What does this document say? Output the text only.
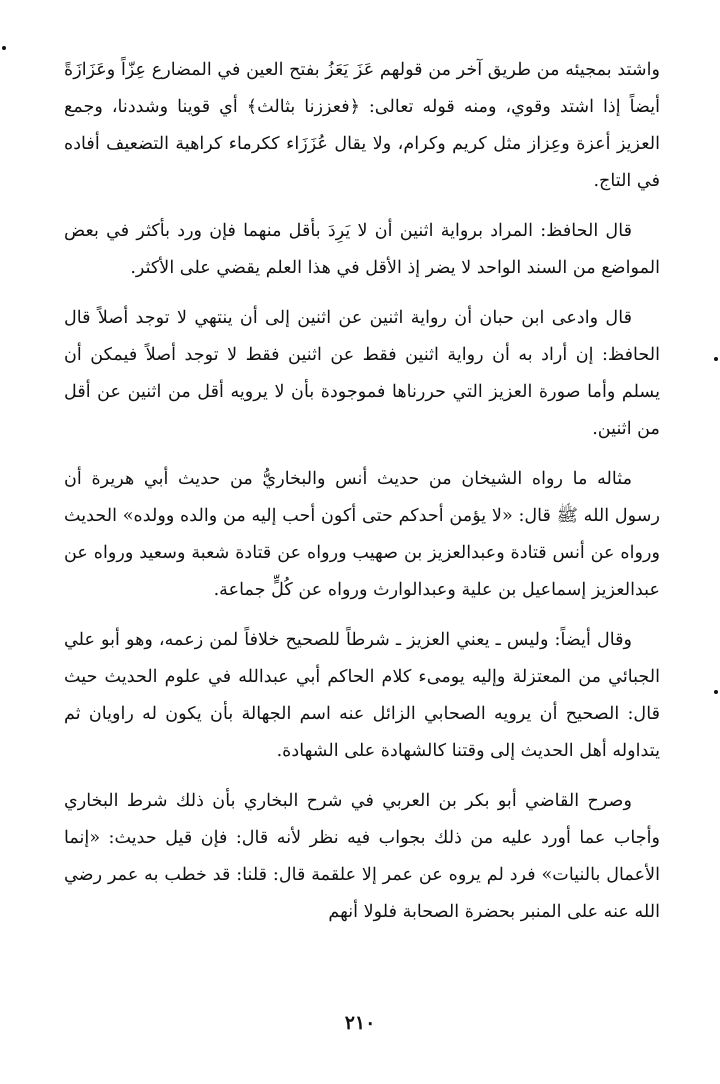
واشتد بمجيئه من طريق آخر من قولهم عَزَ يَعَزُ بفتح العين في المضارع عِزّاً وعَزَازَةً أيضاً إذا اشتد وقوي، ومنه قوله تعالى: ﴿فعززنا بثالث﴾ أي قوينا وشددنا، وجمع العزيز أعزة وعِزاز مثل كريم وكرام، ولا يقال عُزَزَاء ككرماء كراهية التضعيف أفاده في التاج.

قال الحافظ: المراد برواية اثنين أن لا يَرِدَ بأقل منهما فإن ورد بأكثر في بعض المواضع من السند الواحد لا يضر إذ الأقل في هذا العلم يقضي على الأكثر.

قال وادعى ابن حبان أن رواية اثنين عن اثنين إلى أن ينتهي لا توجد أصلاً قال الحافظ: إن أراد به أن رواية اثنين فقط عن اثنين فقط لا توجد أصلاً فيمكن أن يسلم وأما صورة العزيز التي حررناها فموجودة بأن لا يرويه أقل من اثنين عن أقل من اثنين.

مثاله ما رواه الشيخان من حديث أنس والبخاريُّ من حديث أبي هريرة أن رسول الله ﷺ قال: «لا يؤمن أحدكم حتى أكون أحب إليه من والده وولده» الحديث ورواه عن أنس قتادة وعبدالعزيز بن صهيب ورواه عن قتادة شعبة وسعيد ورواه عن عبدالعزيز إسماعيل بن علية وعبدالوارث ورواه عن كُلٍّ جماعة.

وقال أيضاً: وليس ـ يعني العزيز ـ شرطاً للصحيح خلافاً لمن زعمه، وهو أبو علي الجبائي من المعتزلة وإليه يومىء كلام الحاكم أبي عبدالله في علوم الحديث حيث قال: الصحيح أن يرويه الصحابي الزائل عنه اسم الجهالة بأن يكون له راويان ثم يتداوله أهل الحديث إلى وقتنا كالشهادة على الشهادة.

وصرح القاضي أبو بكر بن العربي في شرح البخاري بأن ذلك شرط البخاري وأجاب عما أورد عليه من ذلك بجواب فيه نظر لأنه قال: فإن قيل حديث: «إنما الأعمال بالنيات» فرد لم يروه عن عمر إلا علقمة قال: قلنا: قد خطب به عمر رضي الله عنه على المنبر بحضرة الصحابة فلولا أنهم

٢١٠
